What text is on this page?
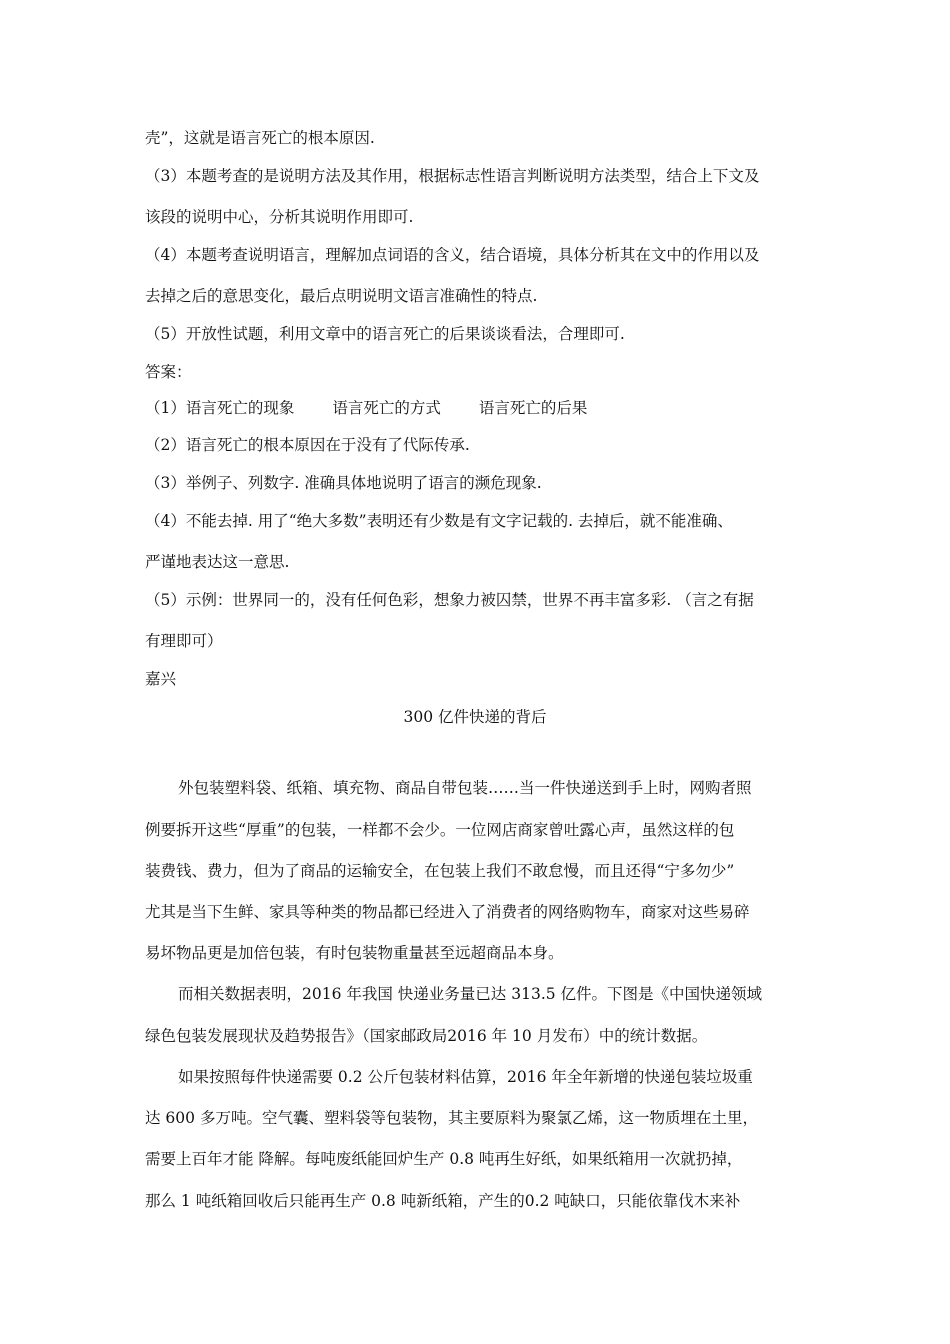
壳”，这就是语言死亡的根本原因.
（3）本题考查的是说明方法及其作用，根据标志性语言判断说明方法类型，结合上下文及
该段的说明中心，分析其说明作用即可.
（4）本题考查说明语言，理解加点词语的含义，结合语境，具体分析其在文中的作用以及
去掉之后的意思变化，最后点明说明文语言准确性的特点.
（5）开放性试题，利用文章中的语言死亡的后果谈谈看法，合理即可.
答案：
（1）语言死亡的现象 语言死亡的方式 语言死亡的后果
（2）语言死亡的根本原因在于没有了代际传承.
（3）举例子、列数字. 准确具体地说明了语言的濒危现象.
（4）不能去掉. 用了“绝大多数”表明还有少数是有文字记载的. 去掉后，就不能准确、
严谨地表达这一意思.
（5）示例：世界同一的，没有任何色彩，想象力被囚禁，世界不再丰富多彩. （言之有据
有理即可）
嘉兴
300 亿件快递的背后
外包装塑料袋、纸箱、填充物、商品自带包装……当一件快递送到手上时，网购者照
例要拆开这些“厚重”的包装，一样都不会少。一位网店商家曾吐露心声，虽然这样的包
装费钱、费力，但为了商品的运输安全，在包装上我们不敢怠慢，而且还得“宁多勿少”
尤其是当下生鲜、家具等种类的物品都已经进入了消费者的网络购物车，商家对这些易碎
易坏物品更是加倍包装，有时包装物重量甚至远超商品本身。
而相关数据表明，2016 年我国 快递业务量已达 313.5 亿件。下图是《中国快递领域
绿色包装发展现状及趋势报告》（国家邮政局2016 年 10 月发布）中的统计数据。
如果按照每件快递需要 0.2 公斤包装材料估算，2016 年全年新增的快递包装垃圾重
达 600 多万吨。空气囊、塑料袋等包装物，其主要原料为聚氯乙烯，这一物质埋在土里，
需要上百年才能 降解。每吨废纸能回炉生产 0.8 吨再生好纸，如果纸箱用一次就扔掉，
那么 1 吨纸箱回收后只能再生产 0.8 吨新纸箱，产生的0.2 吨缺口，只能依靠伐木来补
